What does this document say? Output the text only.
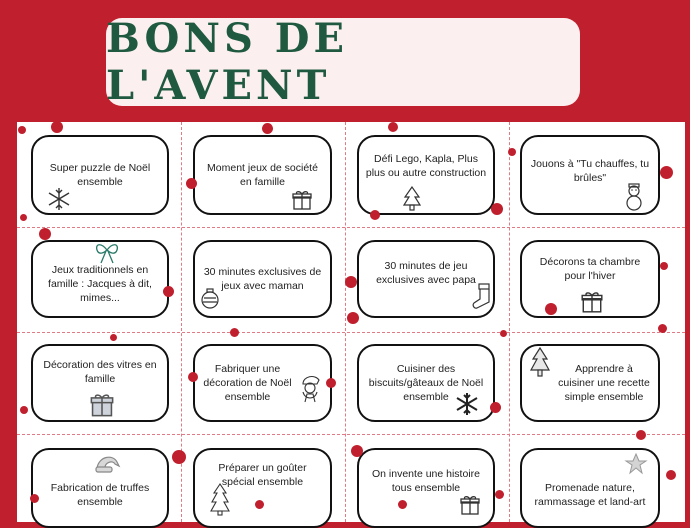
BONS DE L'AVENT
Super puzzle de Noël ensemble
Moment jeux de société en famille
Défi Lego, Kapla, Plus plus ou autre construction
Jouons à "Tu chauffes, tu brûles"
Jeux traditionnels en famille : Jacques à dit, mimes...
30 minutes exclusives de jeux avec maman
30 minutes de jeu exclusives avec papa
Décorons ta chambre pour l'hiver
Décoration des vitres en famille
Fabriquer une décoration de Noël ensemble
Cuisiner des biscuits/gâteaux de Noël ensemble
Apprendre à cuisiner une recette simple ensemble
Fabrication de truffes ensemble
Préparer un goûter spécial ensemble
On invente une histoire tous ensemble	Promenade nature, rammassage et land-art
